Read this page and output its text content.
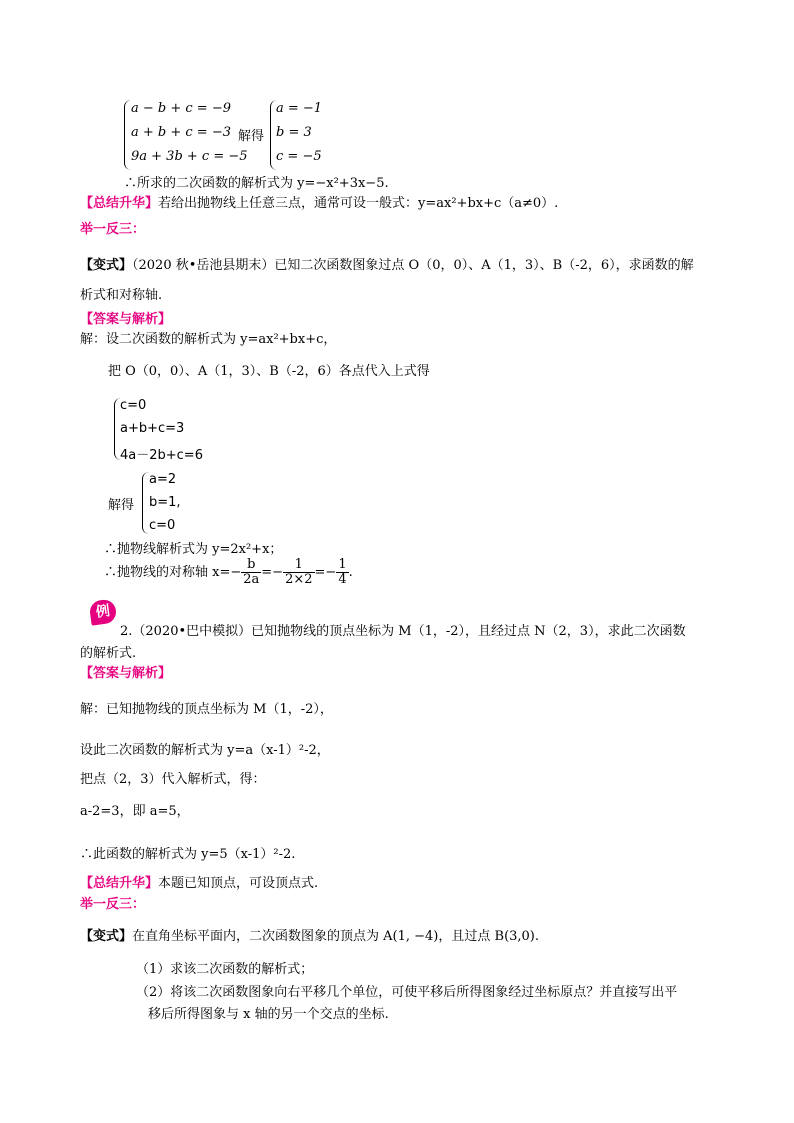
a − b + c = −9
a + b + c = −3
9a + 3b + c = −5
解得
a = −1
b = 3
c = −5
∴所求的二次函数的解析式为 y=−x²+3x−5.
【总结升华】若给出抛物线上任意三点，通常可设一般式：y=ax²+bx+c（a≠0）.
举一反三：
【变式】（2020 秋•岳池县期末）已知二次函数图象过点 O（0，0）、A（1，3）、B（-2，6），求函数的解
析式和对称轴.
【答案与解析】
解：设二次函数的解析式为 y=ax²+bx+c，
把 O（0，0）、A（1，3）、B（-2，6）各点代入上式得
c=0
a+b+c=3
4a－2b+c=6
解得
a=2
b=1,
c=0
∴抛物线解析式为 y=2x²+x；
∴抛物线的对称轴 $x=- \frac{b}{2a} =- \frac{1}{2\times 2} =- \frac{1}{4}$ .
例
2.（2020•巴中模拟）已知抛物线的顶点坐标为 M（1，-2），且经过点 N（2，3），求此二次函数
的解析式.
【答案与解析】
解：已知抛物线的顶点坐标为 M（1，-2），
设此二次函数的解析式为 y=a（x-1）²-2，
把点（2，3）代入解析式，得：
a-2=3，即 a=5，
∴此函数的解析式为 y=5（x-1）²-2.
【总结升华】本题已知顶点，可设顶点式.
举一反三：
【变式】在直角坐标平面内，二次函数图象的顶点为 A(1, −4)，且过点 B(3,0).
（1）求该二次函数的解析式；
（2）将该二次函数图象向右平移几个单位，可使平移后所得图象经过坐标原点？并直接写出平
移后所得图象与 x 轴的另一个交点的坐标.
